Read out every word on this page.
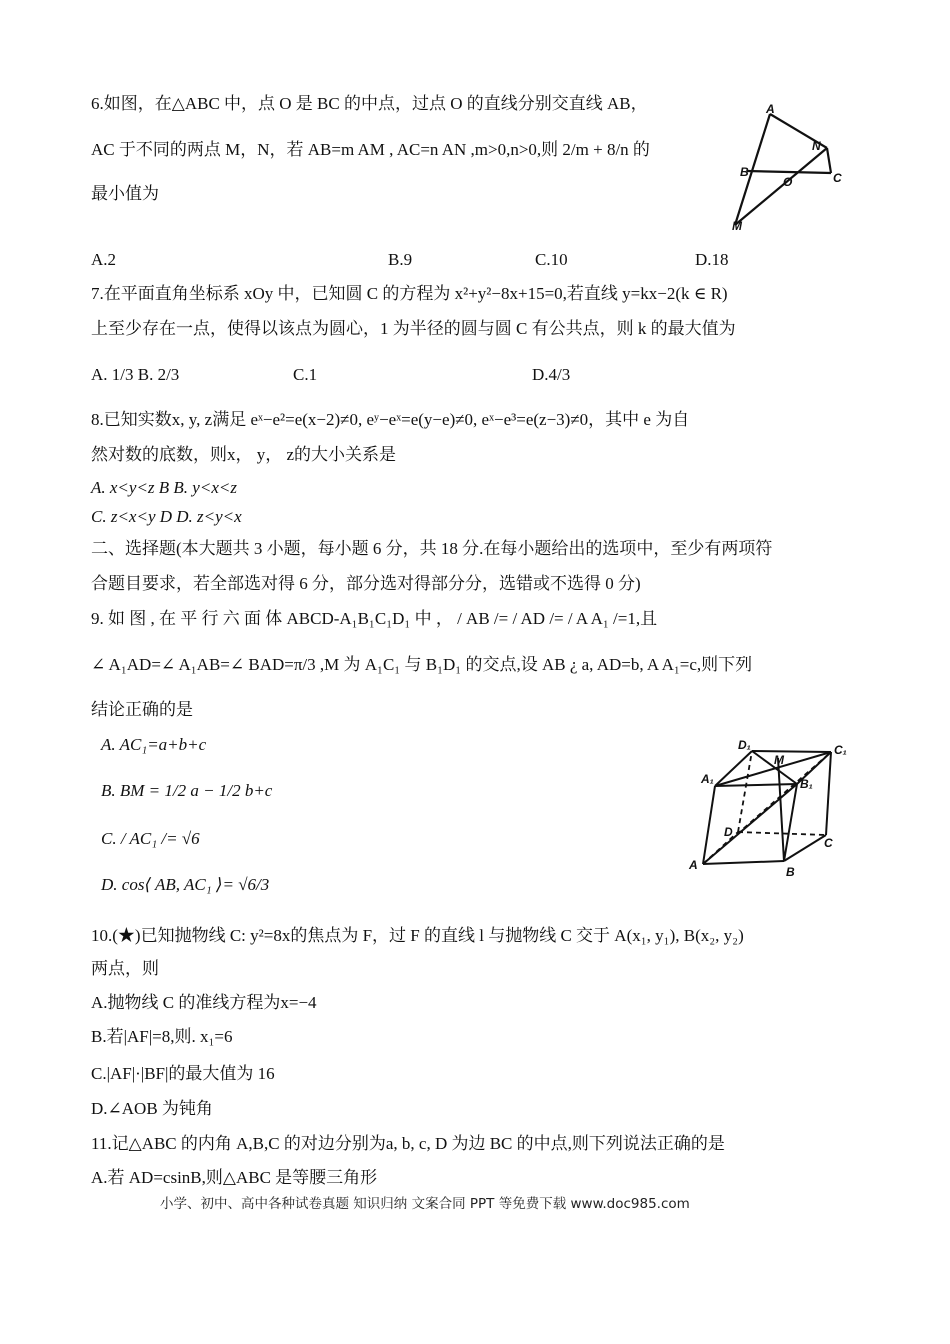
6.如图，在△ABC 中，点 O 是 BC 的中点，过点 O 的直线分别交直线 AB，
AC 于不同的两点 M，N，若 AB=m AM , AC=n AN ,m>0,n>0,则 2/m + 8/n 的
最小值为
A
N
B
O	C
M
A.2	B.9	C.10	D.18
7.在平面直角坐标系 xOy 中，已知圆 C 的方程为 x²+y²−8x+15=0,若直线 y=kx−2(k ∈ R)
上至少存在一点，使得以该点为圆心，1 为半径的圆与圆 C 有公共点，则 k 的最大值为
A. 1/3 B. 2/3	C.1	D.4/3
8.已知实数x, y, z满足 eˣ−e²=e(x−2)≠0, eʸ−eˣ=e(y−e)≠0, eˣ−e³=e(z−3)≠0，其中 e 为自
然对数的底数，则x， y， z的大小关系是
A. x<y<z B B. y<x<z
C. z<x<y D D. z<y<x
二、选择题(本大题共 3 小题，每小题 6 分，共 18 分.在每小题给出的选项中，至少有两项符
合题目要求，若全部选对得 6 分，部分选对得部分分，选错或不选得 0 分)
9. 如 图 , 在 平 行 六 面 体 ABCD-A₁B₁C₁D₁ 中 ， / AB /= / AD /= / A A₁ /=1,且
∠ A₁AD=∠ A₁AB=∠ BAD=π/3 ,M 为 A₁C₁ 与 B₁D₁ 的交点,设 AB ¿ a, AD=b, A A₁=c,则下列
结论正确的是
A. AC₁=a+b+c
B. BM = 1/2 a − 1/2 b+c
C. / AC₁ /= √6
D. cos⟨ AB, AC₁ ⟩= √6/3
D₁
M
C₁
A₁	B₁
D
C
A	B
10.(★)已知抛物线 C: y²=8x的焦点为 F，过 F 的直线 l 与抛物线 C 交于 A(x₁, y₁), B(x₂, y₂)
两点，则
A.抛物线 C 的准线方程为x=−4
B.若|AF|=8,则. x₁=6
C.|AF|·|BF|的最大值为 16
D.∠AOB 为钝角
11.记△ABC 的内角 A,B,C 的对边分别为a, b, c, D 为边 BC 的中点,则下列说法正确的是
A.若 AD=csinB,则△ABC 是等腰三角形
小学、初中、高中各种试卷真题 知识归纳 文案合同 PPT 等免费下载 www.doc985.com
